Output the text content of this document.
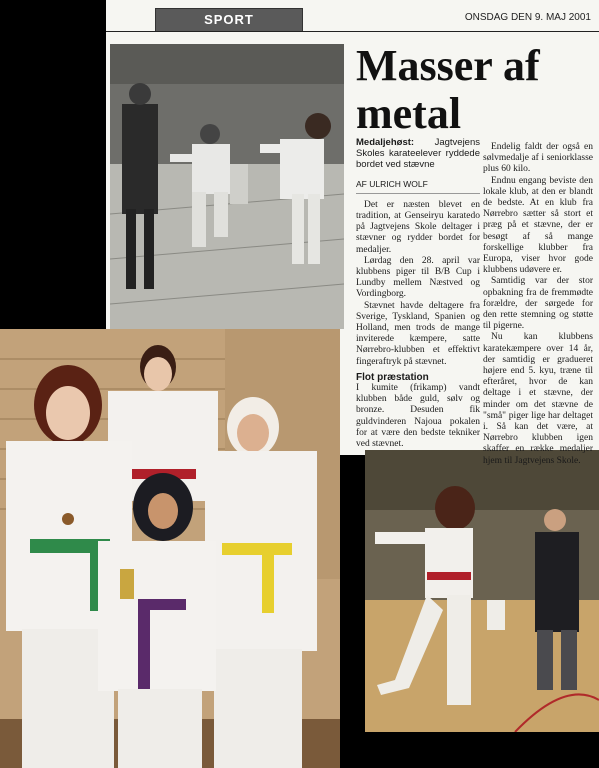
SPORT	ONSDAG DEN 9. MAJ 2001
Masser af
metal

Medaljehøst: Jagtvejens Skoles karateelever ryddede bordet ved stævne

AF ULRICH WOLF

Det er næsten blevet en tradition, at Genseiryu karatedo på Jagtvejens Skole deltager i stævner og rydder bordet for medaljer.

Lørdag den 28. april var klubbens piger til B/B Cup i Lundby mellem Næstved og Vordingborg.

Stævnet havde deltagere fra Sverige, Tyskland, Spanien og Holland, men trods de mange inviterede kæmpere, satte Nørrebro-klubben et effektivt fingeraftryk på stævnet.

Flot præstation

I kumite (frikamp) vandt klubben både guld, sølv og bronze. Desuden fik guldvinderen Najoua pokalen for at være den bedste tekniker ved stævnet.

Endelig faldt der også en sølvmedalje af i seniorklasse plus 60 kilo.

Endnu engang beviste den lokale klub, at den er blandt de bedste. At en klub fra Nørrebro sætter så stort et præg på et stævne, der er besøgt af så mange forskellige klubber fra Europa, viser hvor gode klubbens udøvere er.

Samtidig var der stor opbakning fra de fremmødte forældre, der sørgede for den rette stemning og støtte til pigerne.

Nu kan klubbens karatekæmpere over 14 år, der samtidig er gradueret højere end 5. kyu, træne til efteråret, hvor de kan deltage i et stævne, der minder om det stævne de "små" piger lige har deltaget i. Så kan det være, at Nørrebro klubben igen skaffer en række medaljer hjem til Jagtvejens Skole.
